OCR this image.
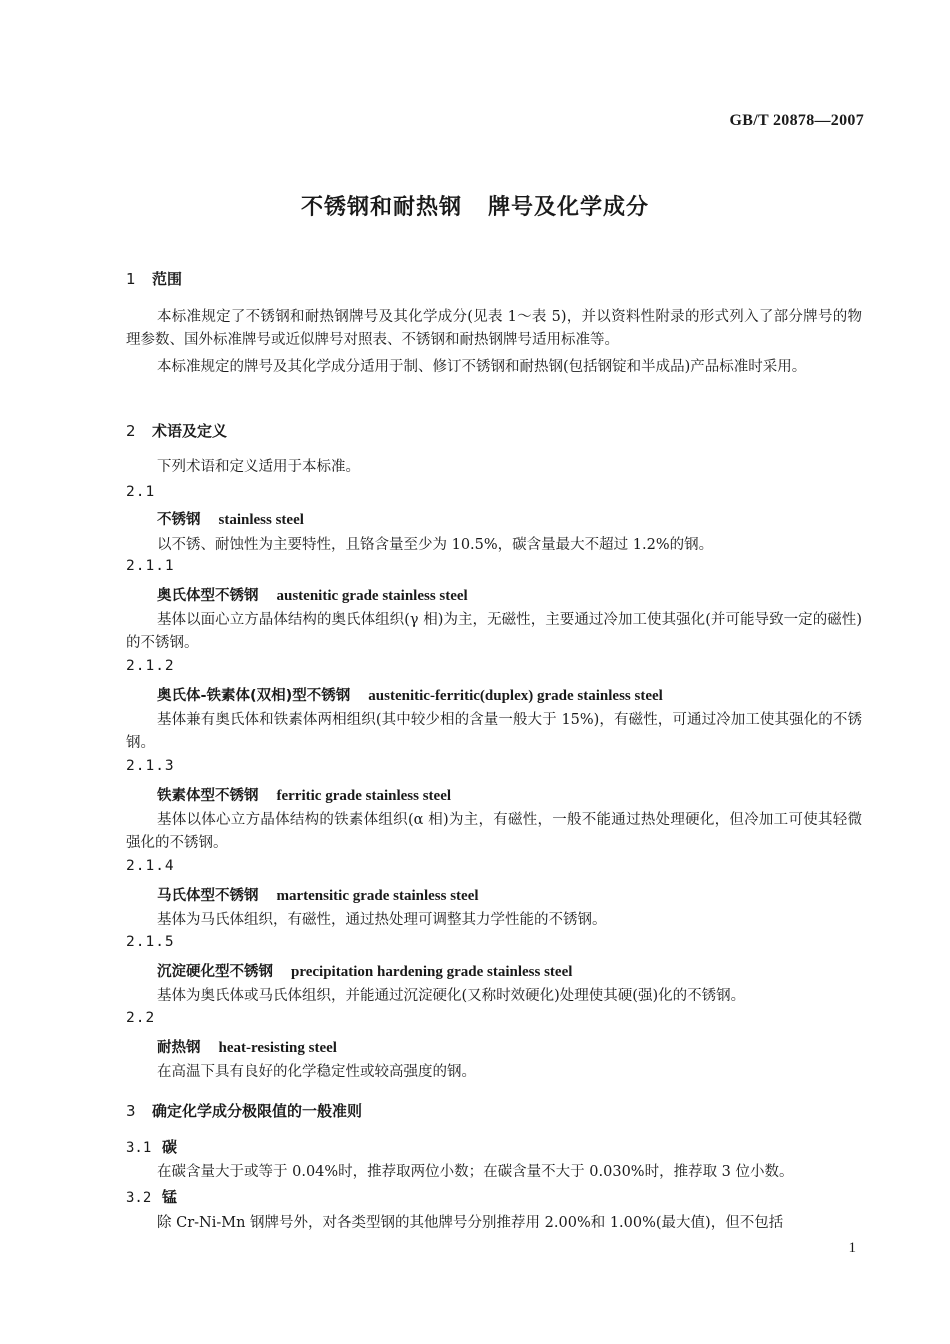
GB/T 20878—2007
不锈钢和耐热钢 牌号及化学成分
1 范围
本标准规定了不锈钢和耐热钢牌号及其化学成分(见表 1～表 5)，并以资料性附录的形式列入了部分牌号的物理参数、国外标准牌号或近似牌号对照表、不锈钢和耐热钢牌号适用标准等。
本标准规定的牌号及其化学成分适用于制、修订不锈钢和耐热钢(包括钢锭和半成品)产品标准时采用。
2 术语及定义
下列术语和定义适用于本标准。
2.1
不锈钢 stainless steel
以不锈、耐蚀性为主要特性，且铬含量至少为 10.5%，碳含量最大不超过 1.2%的钢。
2.1.1
奥氏体型不锈钢 austenitic grade stainless steel
基体以面心立方晶体结构的奥氏体组织(γ 相)为主，无磁性，主要通过冷加工使其强化(并可能导致一定的磁性)的不锈钢。
2.1.2
奥氏体-铁素体(双相)型不锈钢 austenitic-ferritic(duplex) grade stainless steel
基体兼有奥氏体和铁素体两相组织(其中较少相的含量一般大于 15%)，有磁性，可通过冷加工使其强化的不锈钢。
2.1.3
铁素体型不锈钢 ferritic grade stainless steel
基体以体心立方晶体结构的铁素体组织(α 相)为主，有磁性，一般不能通过热处理硬化，但冷加工可使其轻微强化的不锈钢。
2.1.4
马氏体型不锈钢 martensitic grade stainless steel
基体为马氏体组织，有磁性，通过热处理可调整其力学性能的不锈钢。
2.1.5
沉淀硬化型不锈钢 precipitation hardening grade stainless steel
基体为奥氏体或马氏体组织，并能通过沉淀硬化(又称时效硬化)处理使其硬(强)化的不锈钢。
2.2
耐热钢 heat-resisting steel
在高温下具有良好的化学稳定性或较高强度的钢。
3 确定化学成分极限值的一般准则
3.1 碳
在碳含量大于或等于 0.04%时，推荐取两位小数；在碳含量不大于 0.030%时，推荐取 3 位小数。
3.2 锰
除 Cr-Ni-Mn 钢牌号外，对各类型钢的其他牌号分别推荐用 2.00%和 1.00%(最大值)，但不包括
1
